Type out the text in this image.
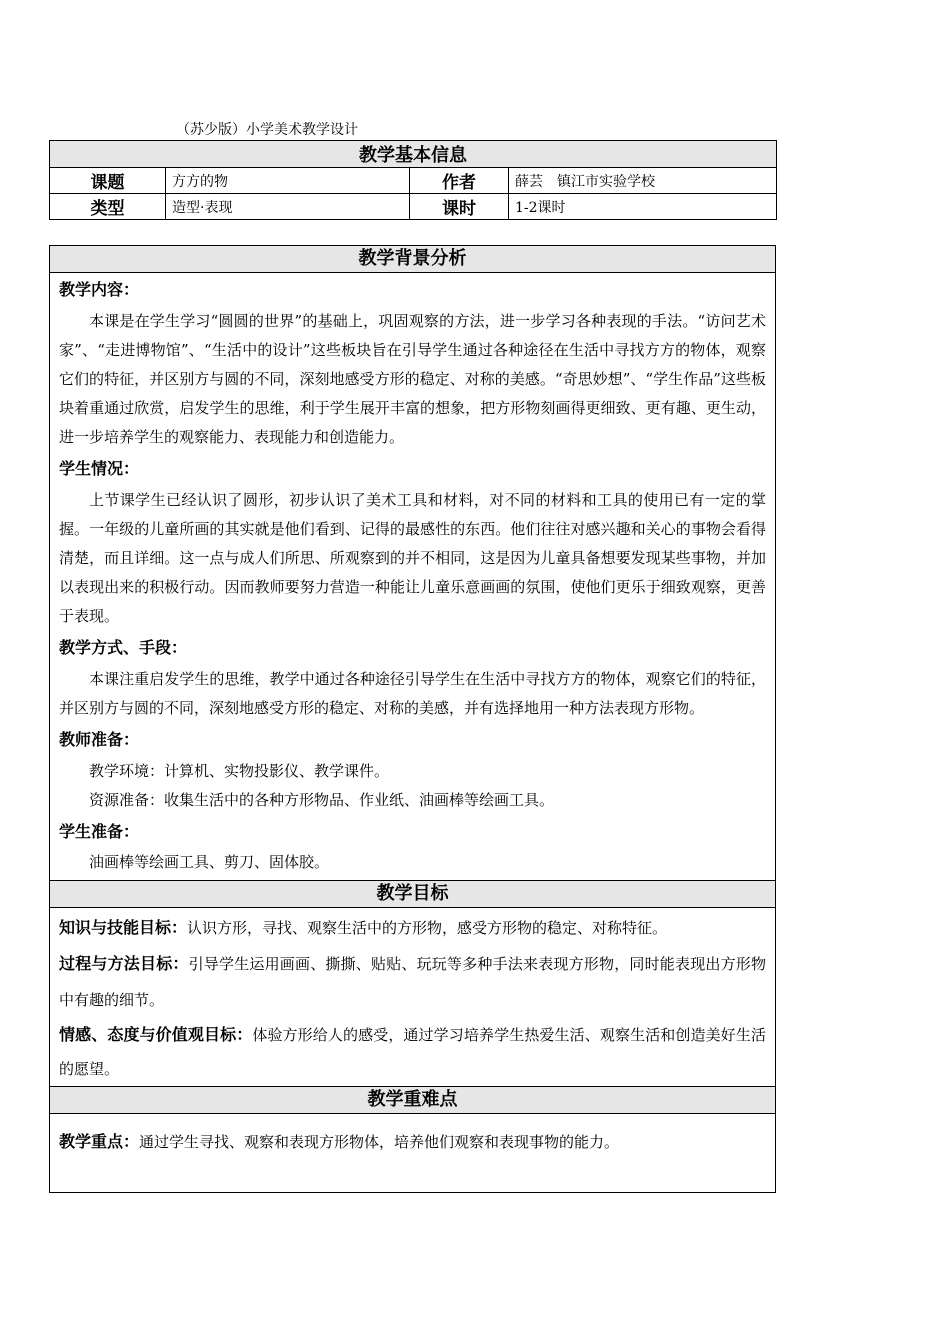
（苏少版）小学美术教学设计
教学基本信息			
课题	方方的物	作者	薛芸　镇江市实验学校
类型	造型·表现	课时	1-2课时
教学背景分析

教学内容：

本课是在学生学习“圆圆的世界”的基础上，巩固观察的方法，进一步学习各种表现的手法。“访问艺术家”、“走进博物馆”、“生活中的设计”这些板块旨在引导学生通过各种途径在生活中寻找方方的物体，观察它们的特征，并区别方与圆的不同，深刻地感受方形的稳定、对称的美感。“奇思妙想”、“学生作品”这些板块着重通过欣赏，启发学生的思维，利于学生展开丰富的想象，把方形物刻画得更细致、更有趣、更生动，进一步培养学生的观察能力、表现能力和创造能力。

学生情况：

上节课学生已经认识了圆形，初步认识了美术工具和材料，对不同的材料和工具的使用已有一定的掌握。一年级的儿童所画的其实就是他们看到、记得的最感性的东西。他们往往对感兴趣和关心的事物会看得清楚，而且详细。这一点与成人们所思、所观察到的并不相同，这是因为儿童具备想要发现某些事物，并加以表现出来的积极行动。因而教师要努力营造一种能让儿童乐意画画的氛围，使他们更乐于细致观察，更善于表现。

教学方式、手段：

本课注重启发学生的思维，教学中通过各种途径引导学生在生活中寻找方方的物体，观察它们的特征，并区别方与圆的不同，深刻地感受方形的稳定、对称的美感，并有选择地用一种方法表现方形物。

教师准备：

教学环境：计算机、实物投影仪、教学课件。

资源准备：收集生活中的各种方形物品、作业纸、油画棒等绘画工具。

学生准备：

油画棒等绘画工具、剪刀、固体胶。

教学目标

知识与技能目标：认识方形，寻找、观察生活中的方形物，感受方形物的稳定、对称特征。

过程与方法目标：引导学生运用画画、撕撕、贴贴、玩玩等多种手法来表现方形物，同时能表现出方形物中有趣的细节。

情感、态度与价值观目标：体验方形给人的感受，通过学习培养学生热爱生活、观察生活和创造美好生活的愿望。

教学重难点

教学重点：通过学生寻找、观察和表现方形物体，培养他们观察和表现事物的能力。
